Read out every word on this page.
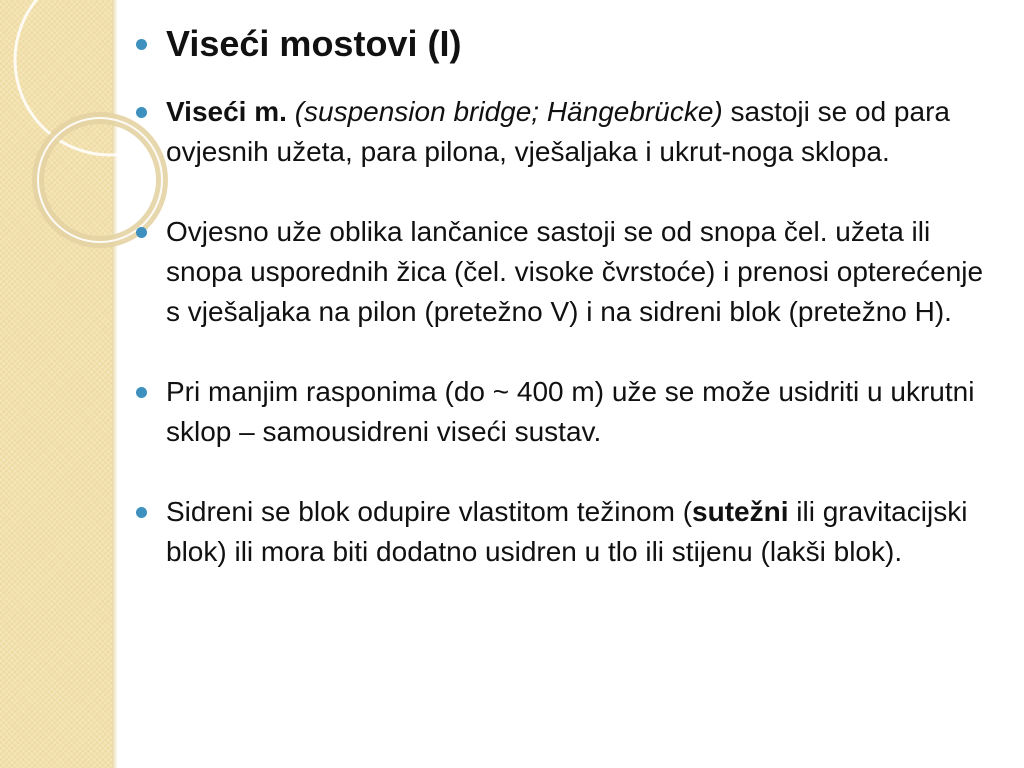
Viseći mostovi (I)
Viseći m. (suspension bridge; Hängebrücke) sastoji se od para ovjesnih užeta, para pilona, vješaljaka i ukrut-noga sklopa.
Ovjesno uže oblika lančanice sastoji se od snopa čel. užeta ili snopa usporednih žica (čel. visoke čvrstoće) i prenosi opterećenje s vješaljaka na pilon (pretežno V) i na sidreni blok (pretežno H).
Pri manjim rasponima (do ~ 400 m) uže se može usidriti u ukrutni sklop – samousidreni viseći sustav.
Sidreni se blok odupire vlastitom težinom (sutežni ili gravitacijski blok) ili mora biti dodatno usidren u tlo ili stijenu (lakši blok).
